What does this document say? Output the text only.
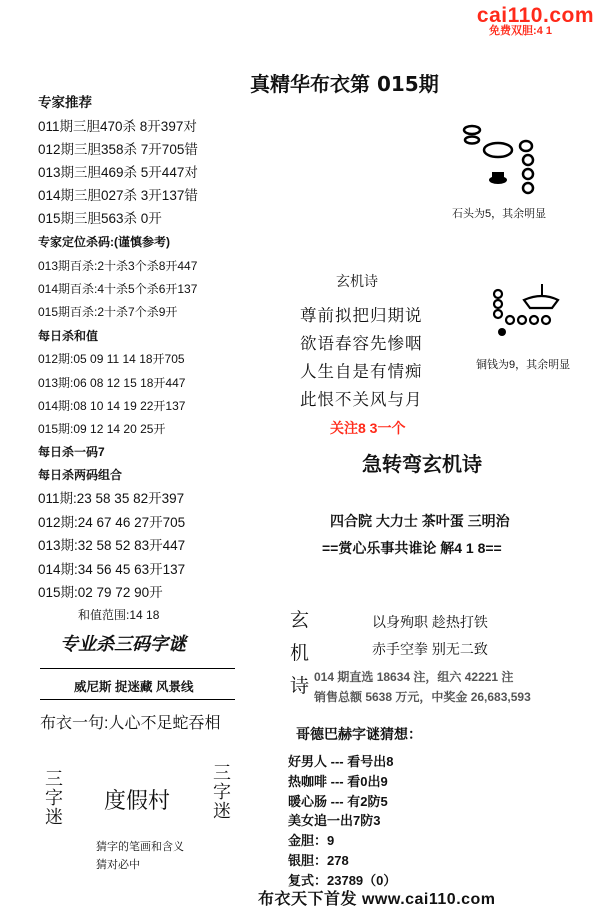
cai110.com
免费双胆:4 1
真精华布衣第 015期
专家推荐
011期三胆470杀 8开397对
012期三胆358杀 7开705错
013期三胆469杀 5开447对
014期三胆027杀 3开137错
015期三胆563杀 0开
专家定位杀码:(谨慎参考)
013期百杀:2十杀3个杀8开447
014期百杀:4十杀5个杀6开137
015期百杀:2十杀7个杀9开
每日杀和值
012期:05 09 11 14 18开705
013期:06 08 12 15 18开447
014期:08 10 14 19 22开137
015期:09 12 14 20 25开
每日杀一码7
每日杀两码组合
011期:23 58 35 82开397
012期:24 67 46 27开705
013期:32 58 52 83开447
014期:34 56 45 63开137
015期:02 79 72 90开
和值范围:14 18
专业杀三码字谜
威尼斯 捉迷藏 风景线
布衣一句:人心不足蛇吞相
三
字
迷
度假村
三
字
迷
猜字的笔画和含义
猜对必中
石头为5，其余明显
铜钱为9，其余明显
玄机诗
尊前拟把归期说
欲语春容先惨咽
人生自是有情痴
此恨不关风与月
关注8 3一个
急转弯玄机诗
四合院 大力士 茶叶蛋 三明治
==赏心乐事共谁论 解4 1 8==
玄
机
诗
以身殉职 趁热打铁
赤手空拳 别无二致
014 期直选 18634 注，组六 42221 注
销售总额 5638 万元，中奖金 26,683,593
哥德巴赫字谜猜想：
好男人 --- 看号出8
热咖啡 --- 看0出9
暖心肠 --- 有2防5
美女追一出7防3
金胆：9
银胆：278
复式：23789（0）
布衣天下首发 www.cai110.com
